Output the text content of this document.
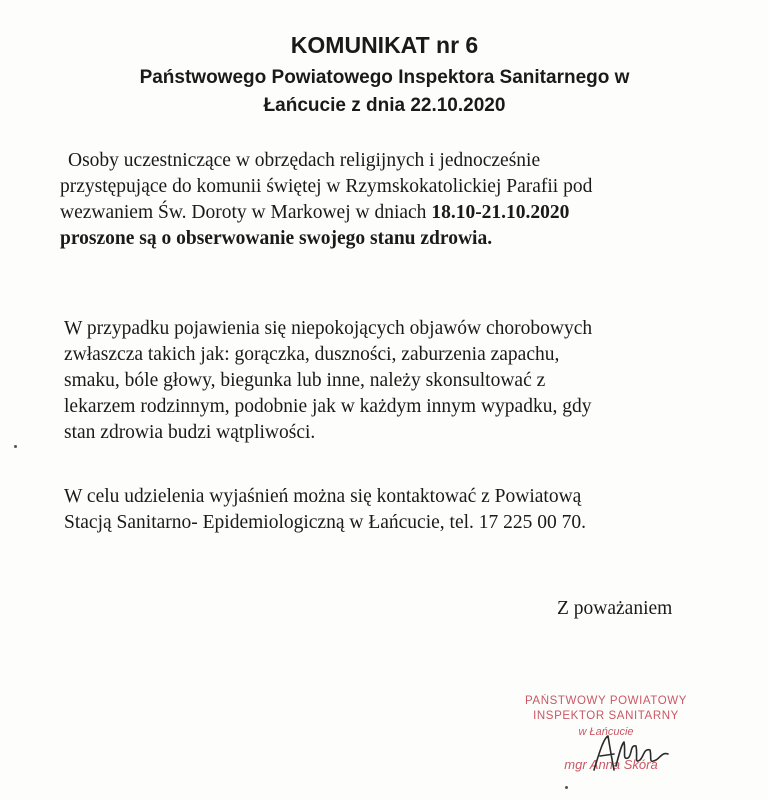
KOMUNIKAT nr 6
Państwowego Powiatowego Inspektora Sanitarnego w
Łańcucie z dnia 22.10.2020
Osoby uczestniczące w obrzędach religijnych i jednocześnie
przystępujące do komunii świętej w Rzymskokatolickiej Parafii pod
wezwaniem Św. Doroty w Markowej w dniach 18.10-21.10.2020
proszone są o obserwowanie swojego stanu zdrowia.
W przypadku pojawienia się niepokojących objawów chorobowych
zwłaszcza takich jak: gorączka, duszności, zaburzenia zapachu,
smaku, bóle głowy, biegunka lub inne, należy skonsultować z
lekarzem rodzinnym, podobnie jak w każdym innym wypadku, gdy
stan zdrowia budzi wątpliwości.
W celu udzielenia wyjaśnień można się kontaktować z Powiatową
Stacją Sanitarno- Epidemiologiczną w Łańcucie, tel. 17 225 00 70.
Z poważaniem
PAŃSTWOWY POWIATOWY
INSPEKTOR SANITARNY
w Łańcucie
mgr Anna Skóra
